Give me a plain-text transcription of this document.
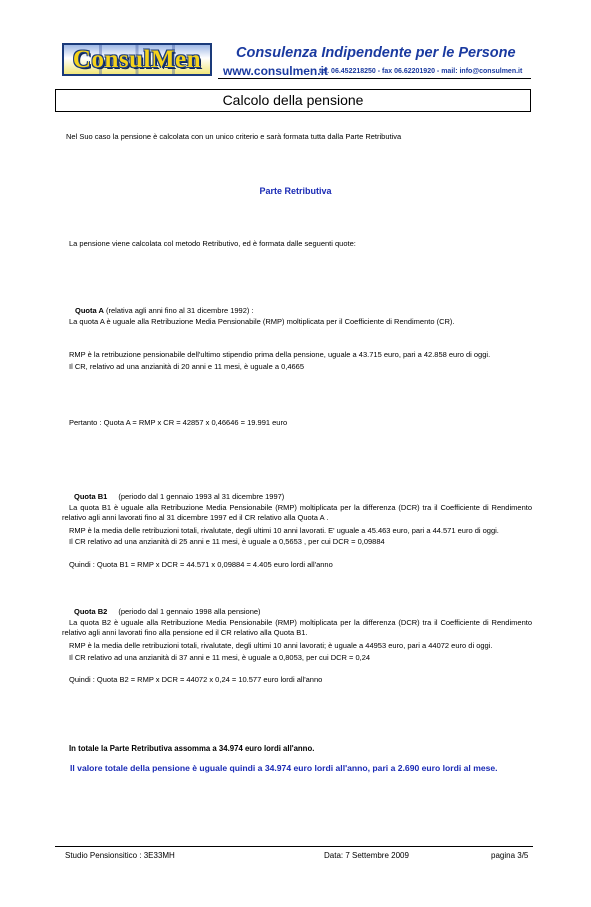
ConsulMen	Consulenza Indipendente per le Persone
www.consulmen.it
tel. 06.452218250 - fax 06.62201920 - mail: info@consulmen.it
Calcolo della pensione
Nel Suo caso la pensione è calcolata con un unico criterio e sarà formata tutta dalla Parte Retributiva
Parte Retributiva
La pensione viene calcolata col metodo Retributivo, ed è formata dalle seguenti quote:
Quota A (relativa agli anni fino al 31 dicembre 1992) :
La quota A è uguale alla Retribuzione Media Pensionabile (RMP) moltiplicata per il Coefficiente di Rendimento (CR).
RMP è la retribuzione pensionabile dell'ultimo stipendio prima della pensione, uguale a 43.715 euro, pari a 42.858 euro di oggi.
Il CR, relativo ad una anzianità di 20 anni e 11 mesi, è uguale a 0,4665
Pertanto : Quota A = RMP x CR = 42857 x 0,46646 = 19.991 euro
Quota B1 (periodo dal 1 gennaio 1993 al 31 dicembre 1997)
La quota B1 è uguale alla Retribuzione Media Pensionabile (RMP) moltiplicata per la differenza (DCR) tra il Coefficiente di Rendimento relativo agli anni lavorati fino al 31 dicembre 1997 ed il CR relativo alla Quota A .
RMP è la media delle retribuzioni totali, rivalutate, degli ultimi 10 anni lavorati. E' uguale a 45.463 euro, pari a 44.571 euro di oggi.
Il CR relativo ad una anzianità di 25 anni e 11 mesi, è uguale a 0,5653 , per cui DCR = 0,09884
Quindi : Quota B1 = RMP x DCR = 44.571 x 0,09884 = 4.405 euro lordi all'anno
Quota B2 (periodo dal 1 gennaio 1998 alla pensione)
La quota B2 è uguale alla Retribuzione Media Pensionabile (RMP) moltiplicata per la differenza (DCR) tra il Coefficiente di Rendimento relativo agli anni lavorati fino alla pensione ed il CR relativo alla Quota B1.
RMP è la media delle retribuzioni totali, rivalutate, degli ultimi 10 anni lavorati; è uguale a 44953 euro, pari a 44072 euro di oggi.
Il CR relativo ad una anzianità di 37 anni e 11 mesi, è uguale a 0,8053, per cui DCR = 0,24
Quindi : Quota B2 = RMP x DCR = 44072 x 0,24 = 10.577 euro lordi all'anno
In totale la Parte Retributiva assomma a 34.974 euro lordi all'anno.
Il valore totale della pensione è uguale quindi a 34.974 euro lordi all'anno, pari a 2.690 euro lordi al mese.
Studio Pensionsitico : 3E33MH	Data: 7 Settembre 2009	pagina 3/5
